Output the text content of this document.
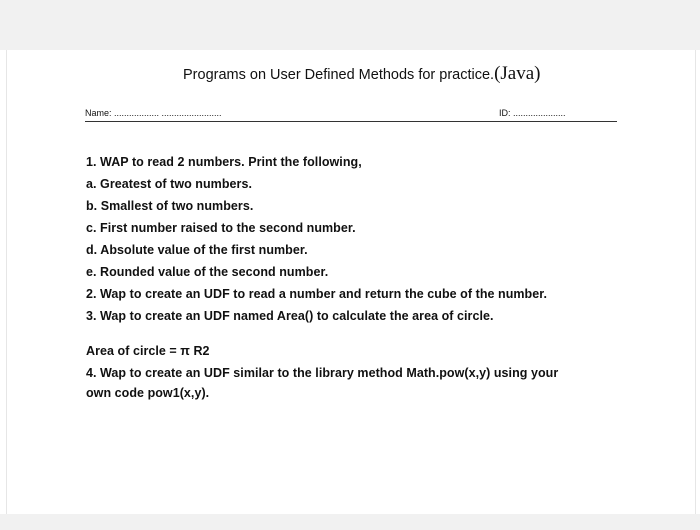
Programs on User Defined Methods for practice.(Java)
Name: .................. ........................	ID: .....................
1. WAP to read 2 numbers. Print the following,
a. Greatest of two numbers.
b. Smallest of two numbers.
c. First number raised to the second number.
d. Absolute value of the first number.
e. Rounded value of the second number.
2. Wap to create an UDF to read a number and return the cube of the number.
3. Wap to create an UDF named Area() to calculate the area of circle.
Area of circle = π R2
4. Wap to create an UDF similar to the library method Math.pow(x,y) using your
own code pow1(x,y).
